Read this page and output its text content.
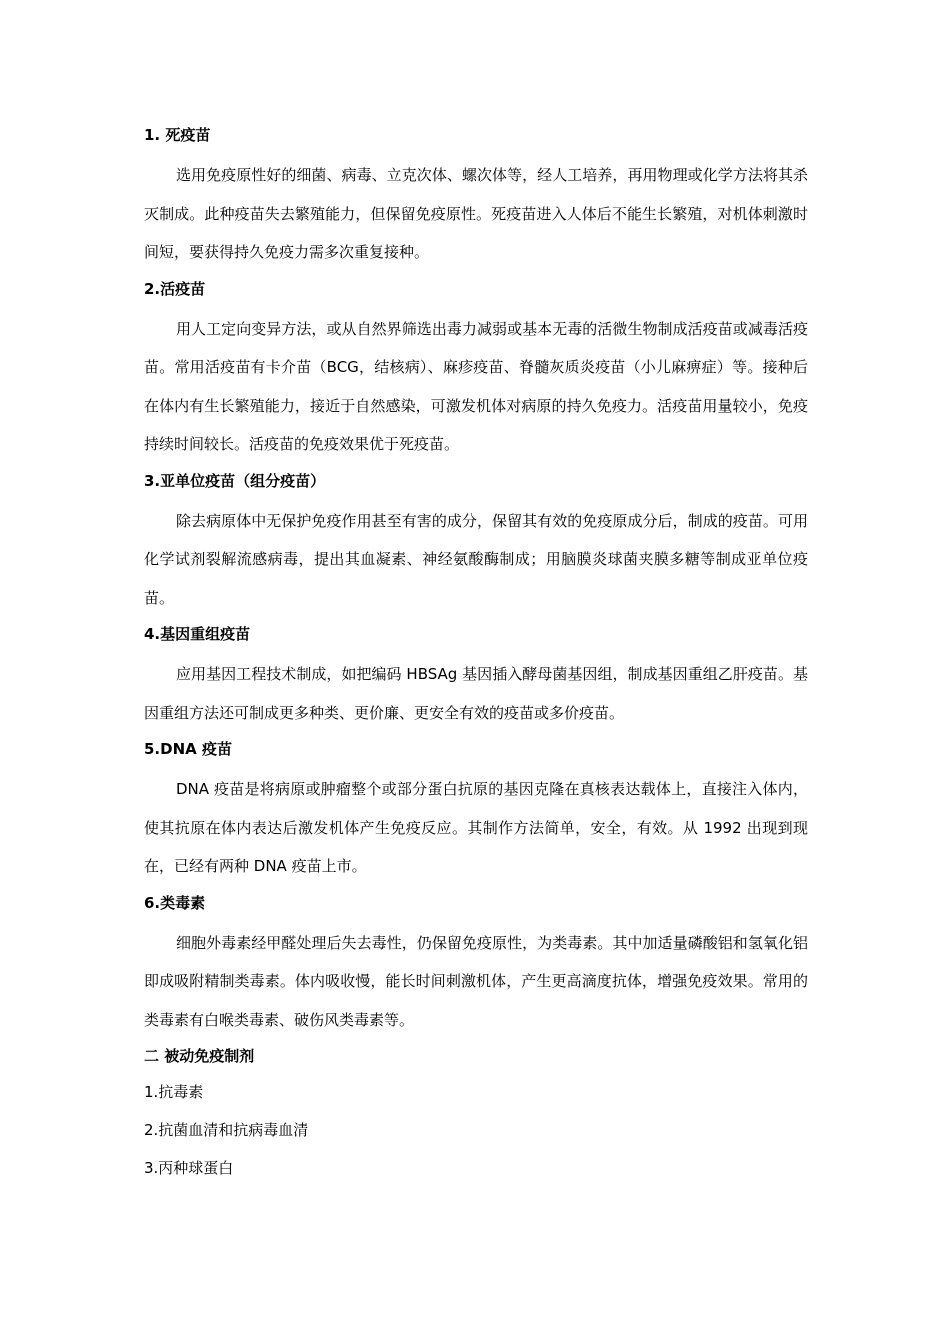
1. 死疫苗
选用免疫原性好的细菌、病毒、立克次体、螺次体等，经人工培养，再用物理或化学方法将其杀灭制成。此种疫苗失去繁殖能力，但保留免疫原性。死疫苗进入人体后不能生长繁殖，对机体刺激时间短，要获得持久免疫力需多次重复接种。
2.活疫苗
用人工定向变异方法，或从自然界筛选出毒力减弱或基本无毒的活微生物制成活疫苗或减毒活疫苗。常用活疫苗有卡介苗（BCG，结核病）、麻疹疫苗、脊髓灰质炎疫苗（小儿麻痹症）等。接种后在体内有生长繁殖能力，接近于自然感染，可激发机体对病原的持久免疫力。活疫苗用量较小，免疫持续时间较长。活疫苗的免疫效果优于死疫苗。
3.亚单位疫苗（组分疫苗）
除去病原体中无保护免疫作用甚至有害的成分，保留其有效的免疫原成分后，制成的疫苗。可用化学试剂裂解流感病毒，提出其血凝素、神经氨酸酶制成；用脑膜炎球菌夹膜多糖等制成亚单位疫苗。
4.基因重组疫苗
应用基因工程技术制成，如把编码 HBSAg 基因插入酵母菌基因组，制成基因重组乙肝疫苗。基因重组方法还可制成更多种类、更价廉、更安全有效的疫苗或多价疫苗。
5.DNA 疫苗
DNA 疫苗是将病原或肿瘤整个或部分蛋白抗原的基因克隆在真核表达载体上，直接注入体内，使其抗原在体内表达后激发机体产生免疫反应。其制作方法简单，安全，有效。从 1992 出现到现在，已经有两种 DNA 疫苗上市。
6.类毒素
细胞外毒素经甲醛处理后失去毒性，仍保留免疫原性，为类毒素。其中加适量磷酸铝和氢氧化铝即成吸附精制类毒素。体内吸收慢，能长时间刺激机体，产生更高滴度抗体，增强免疫效果。常用的类毒素有白喉类毒素、破伤风类毒素等。
二 被动免疫制剂
1.抗毒素
2.抗菌血清和抗病毒血清
3.丙种球蛋白
